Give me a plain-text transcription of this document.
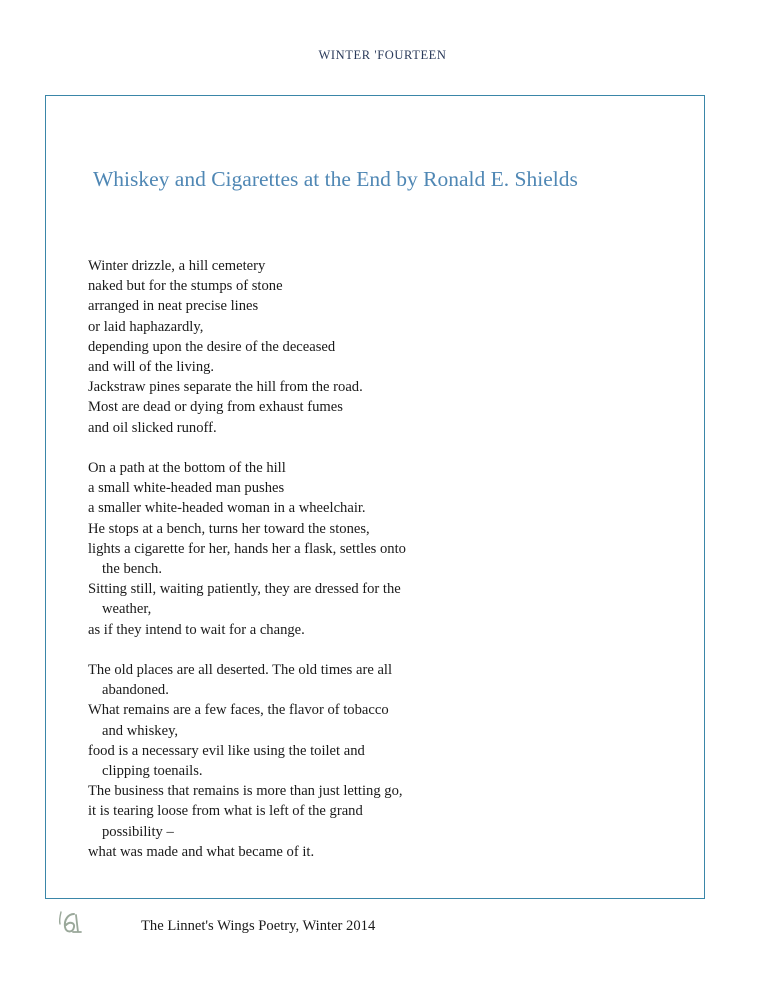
WINTER 'FOURTEEN
Whiskey and Cigarettes at the End by Ronald E. Shields
Winter drizzle, a hill cemetery
naked but for the stumps of stone
arranged in neat precise lines
or laid haphazardly,
depending upon the desire of the deceased
and will of the living.
Jackstraw pines separate the hill from the road.
Most are dead or dying from exhaust fumes
and oil slicked runoff.
On a path at the bottom of the hill
a small white-headed man pushes
a smaller white-headed woman in a wheelchair.
He stops at a bench, turns her toward the stones,
lights a cigarette for her, hands her a flask, settles onto the bench.
Sitting still, waiting patiently, they are dressed for the weather,
as if they intend to wait for a change.
The old places are all deserted. The old times are all abandoned.
What remains are a few faces, the flavor of tobacco and whiskey,
food is a necessary evil like using the toilet and clipping toenails.
The business that remains is more than just letting go,
it is tearing loose from what is left of the grand possibility –
what was made and what became of it.
The Linnet's Wings Poetry, Winter 2014
